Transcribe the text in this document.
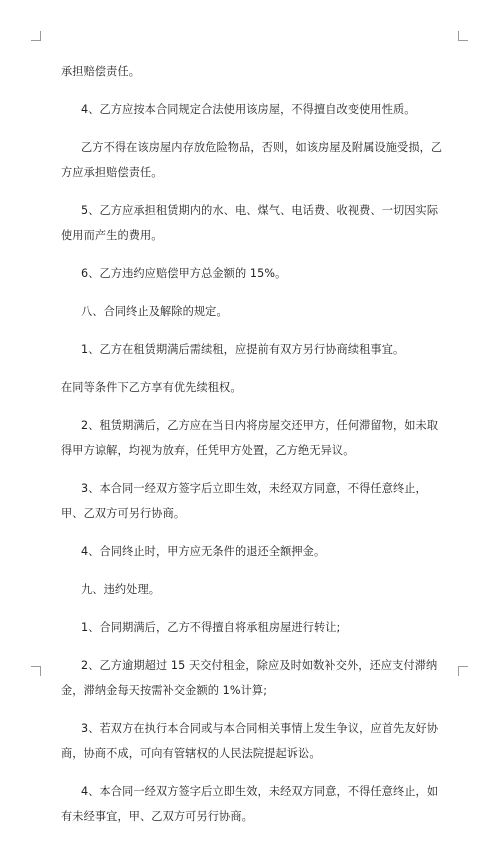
承担赔偿责任。

4、乙方应按本合同规定合法使用该房屋，不得擅自改变使用性质。

乙方不得在该房屋内存放危险物品，否则，如该房屋及附属设施受损，乙方应承担赔偿责任。

5、乙方应承担租赁期内的水、电、煤气、电话费、收视费、一切因实际使用而产生的费用。

6、乙方违约应赔偿甲方总金额的 15%。

八、合同终止及解除的规定。

1、乙方在租赁期满后需续租，应提前有双方另行协商续租事宜。

在同等条件下乙方享有优先续租权。

2、租赁期满后，乙方应在当日内将房屋交还甲方，任何滞留物，如未取得甲方谅解，均视为放弃，任凭甲方处置，乙方绝无异议。

3、本合同一经双方签字后立即生效，未经双方同意，不得任意终止，甲、乙双方可另行协商。

4、合同终止时，甲方应无条件的退还全额押金。

九、违约处理。

1、合同期满后，乙方不得擅自将承租房屋进行转让;

2、乙方逾期超过 15 天交付租金，除应及时如数补交外，还应支付滞纳金，滞纳金每天按需补交金额的 1%计算;

3、若双方在执行本合同或与本合同相关事情上发生争议，应首先友好协商，协商不成，可向有管辖权的人民法院提起诉讼。

4、本合同一经双方签字后立即生效，未经双方同意，不得任意终止，如有未经事宜，甲、乙双方可另行协商。
